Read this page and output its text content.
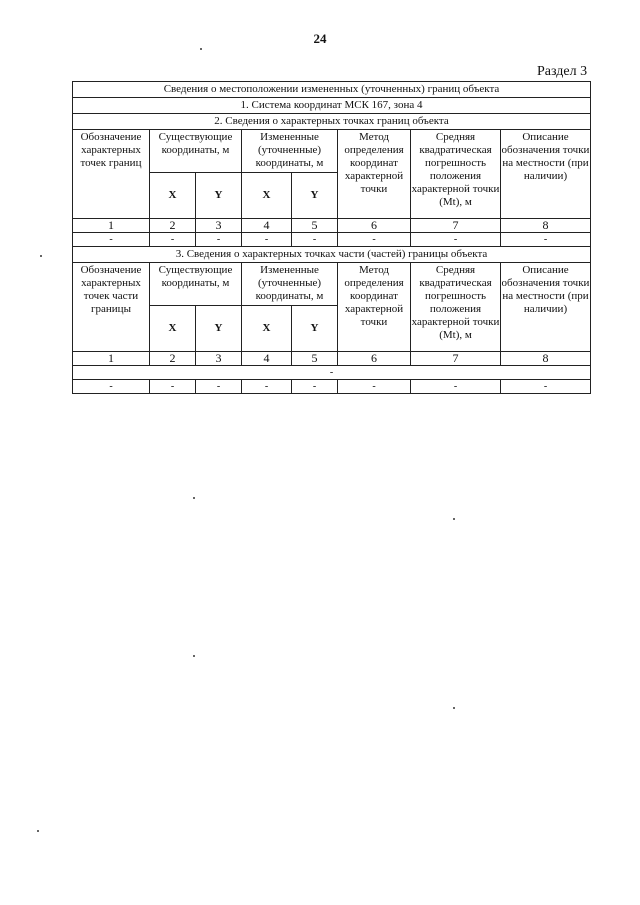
24
Раздел 3
Сведения о местоположении измененных (уточненных) границ объекта							
1. Система координат МСК 167, зона 4							
2. Сведения о характерных точках границ объекта							
Обозначение характерных точек границ	Существующие координаты, м		Измененные (уточненные) координаты, м		Метод определения координат характерной точки	Средняя квадратическая погрешность положения характерной точки (Mt), м	Описание обозначения точки на местности (при наличии)
	X	Y	X	Y			
1	2	3	4	5	6	7	8
-	-	-	-	-	-	-	-
3. Сведения о характерных точках части (частей) границы объекта							
Обозначение характерных точек части границы	Существующие координаты, м		Измененные (уточненные) координаты, м		Метод определения координат характерной точки	Средняя квадратическая погрешность положения характерной точки (Mt), м	Описание обозначения точки на местности (при наличии)
	X	Y	X	Y			
1	2	3	4	5	6	7	8
-							
-	-	-	-	-	-	-	-
